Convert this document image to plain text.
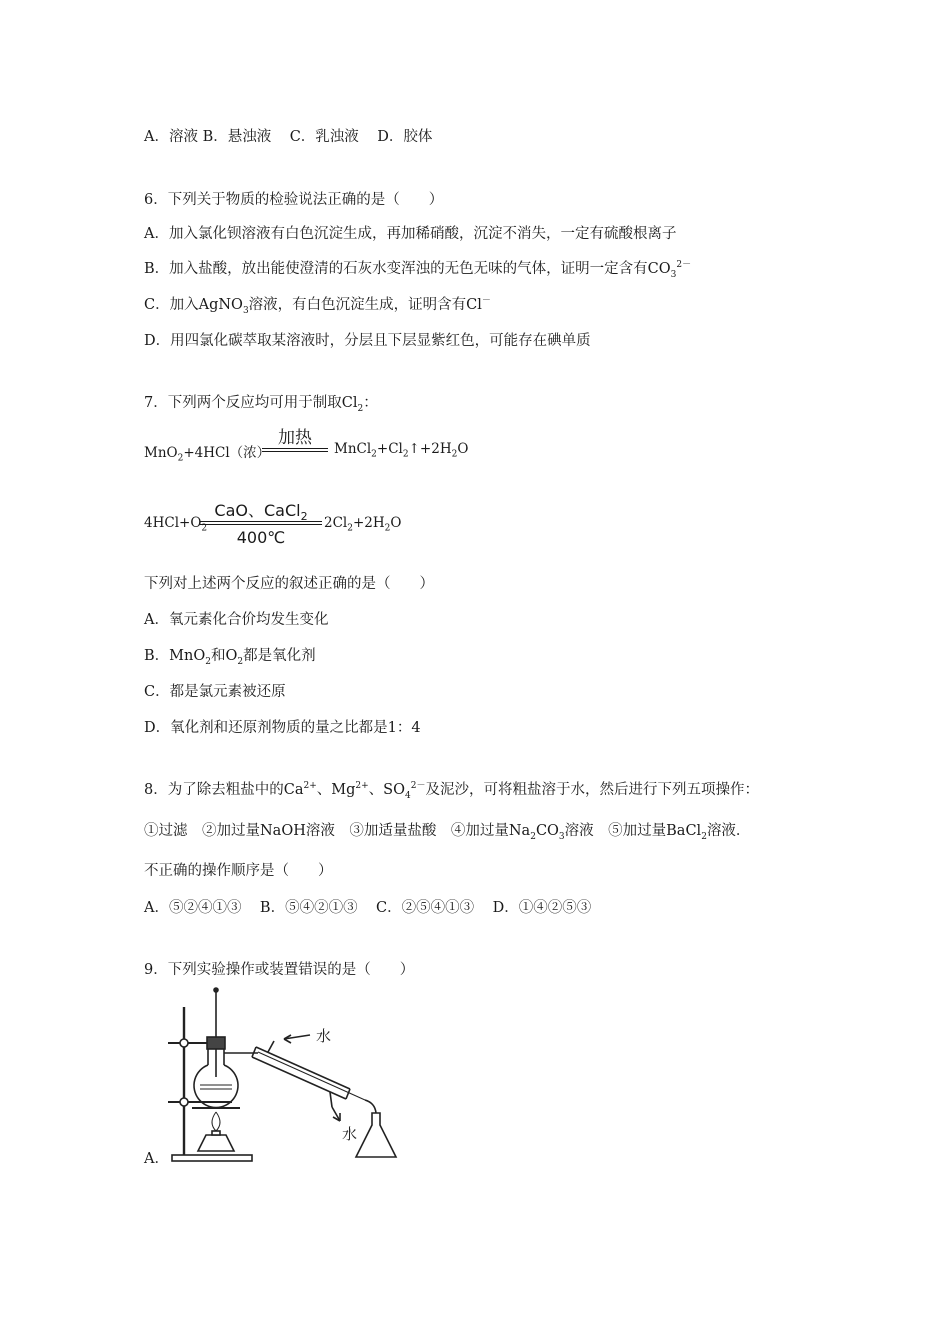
A．溶液 B．悬浊液 C．乳浊液 D．胶体
6．下列关于物质的检验说法正确的是（　　）
A．加入氯化钡溶液有白色沉淀生成，再加稀硝酸，沉淀不消失，一定有硫酸根离子
B．加入盐酸，放出能使澄清的石灰水变浑浊的无色无味的气体，证明一定含有$CO_3^{2-}$
C．加入AgNO$_3$溶液，有白色沉淀生成，证明含有Cl－
D．用四氯化碳萃取某溶液时，分层且下层显紫红色，可能存在碘单质
7．下列两个反应均可用于制取$Cl_2$：
MnO$_2$+4HCl（浓）
加热
$MnCl_2+Cl_2↑+2H_2O$
$4HCl+O_2$
CaO、CaCl$_2$
400℃
$2Cl_2+2H_2O$
下列对上述两个反应的叙述正确的是（　　）
A．氧元素化合价均发生变化
B．MnO$_2$和$O_2$都是氧化剂
C．都是氯元素被还原
D．氧化剂和还原剂物质的量之比都是1：4
8．为了除去粗盐中的$Ca^{2+}$、$Mg^{2+}$、$SO_4^{2-}$及泥沙，可将粗盐溶于水，然后进行下列五项操作：
①过滤　②加过量NaOH溶液　③加适量盐酸　④加过量$Na_2CO_3$溶液　⑤加过量BaCl$_2$溶液．
不正确的操作顺序是（　　）
A．⑤②④①③ B．⑤④②①③ C．②⑤④①③ D．①④②⑤③
9．下列实验操作或装置错误的是（　　）
水
水
A．
